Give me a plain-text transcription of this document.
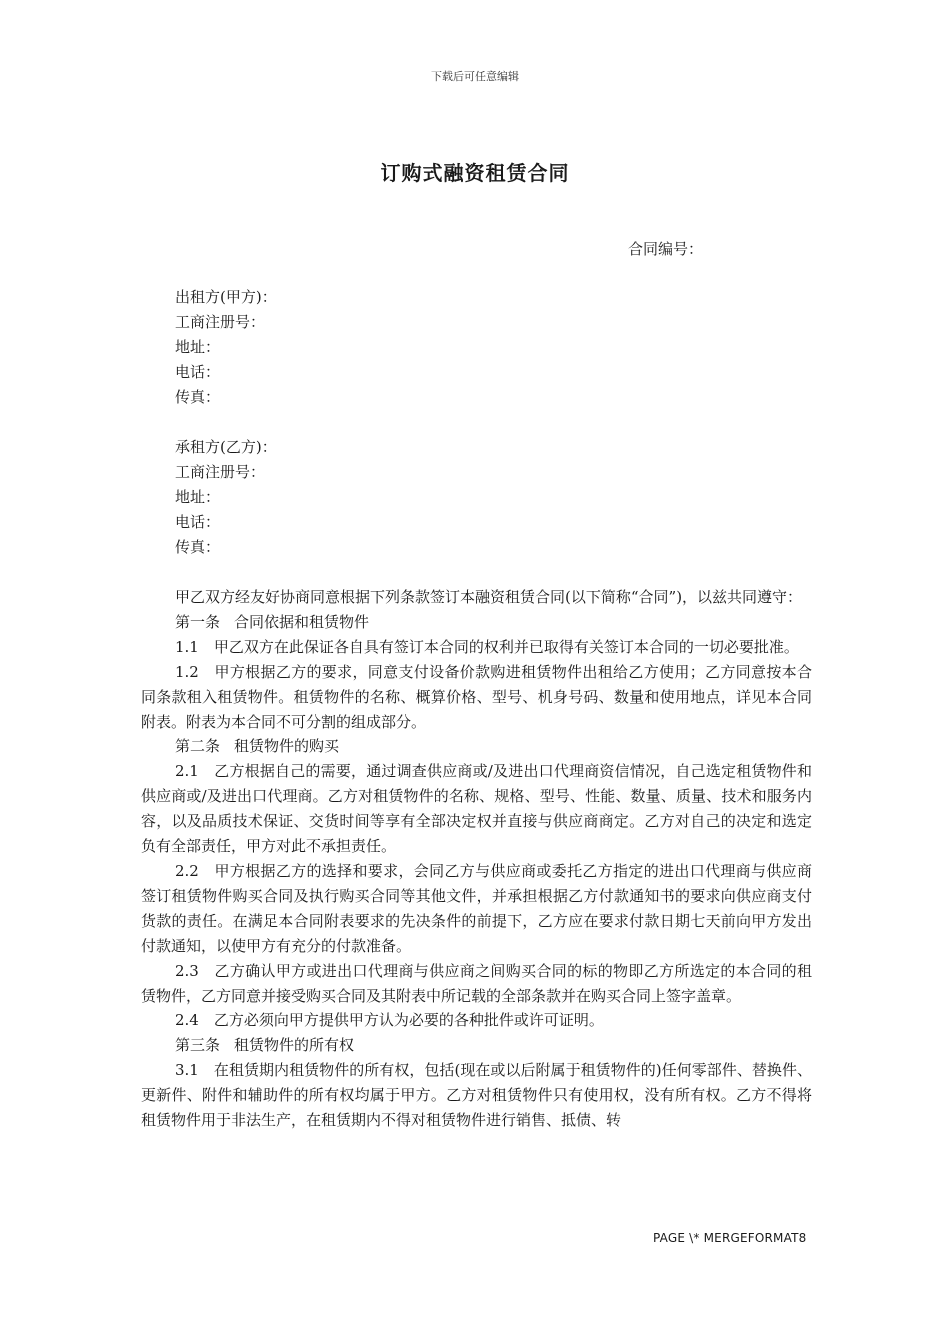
下载后可任意编辑
订购式融资租赁合同
合同编号：
出租方(甲方)：
工商注册号：
地址：
电话：
传真：
承租方(乙方)：
工商注册号：
地址：
电话：
传真：

甲乙双方经友好协商同意根据下列条款签订本融资租赁合同(以下简称“合同”)，以兹共同遵守：

第一条 合同依据和租赁物件

1.1　甲乙双方在此保证各自具有签订本合同的权利并已取得有关签订本合同的一切必要批准。

1.2　甲方根据乙方的要求，同意支付设备价款购进租赁物件出租给乙方使用；乙方同意按本合同条款租入租赁物件。租赁物件的名称、概算价格、型号、机身号码、数量和使用地点，详见本合同附表。附表为本合同不可分割的组成部分。

第二条 租赁物件的购买

2.1　乙方根据自己的需要，通过调查供应商或/及进出口代理商资信情况，自己选定租赁物件和供应商或/及进出口代理商。乙方对租赁物件的名称、规格、型号、性能、数量、质量、技术和服务内容，以及品质技术保证、交货时间等享有全部决定权并直接与供应商商定。乙方对自己的决定和选定负有全部责任，甲方对此不承担责任。

2.2　甲方根据乙方的选择和要求，会同乙方与供应商或委托乙方指定的进出口代理商与供应商签订租赁物件购买合同及执行购买合同等其他文件，并承担根据乙方付款通知书的要求向供应商支付货款的责任。在满足本合同附表要求的先决条件的前提下，乙方应在要求付款日期七天前向甲方发出付款通知，以使甲方有充分的付款准备。

2.3　乙方确认甲方或进出口代理商与供应商之间购买合同的标的物即乙方所选定的本合同的租赁物件，乙方同意并接受购买合同及其附表中所记载的全部条款并在购买合同上签字盖章。

2.4　乙方必须向甲方提供甲方认为必要的各种批件或许可证明。

第三条 租赁物件的所有权

3.1　在租赁期内租赁物件的所有权，包括(现在或以后附属于租赁物件的)任何零部件、替换件、更新件、附件和辅助件的所有权均属于甲方。乙方对租赁物件只有使用权，没有所有权。乙方不得将租赁物件用于非法生产，在租赁期内不得对租赁物件进行销售、抵债、转

PAGE \* MERGEFORMAT8
